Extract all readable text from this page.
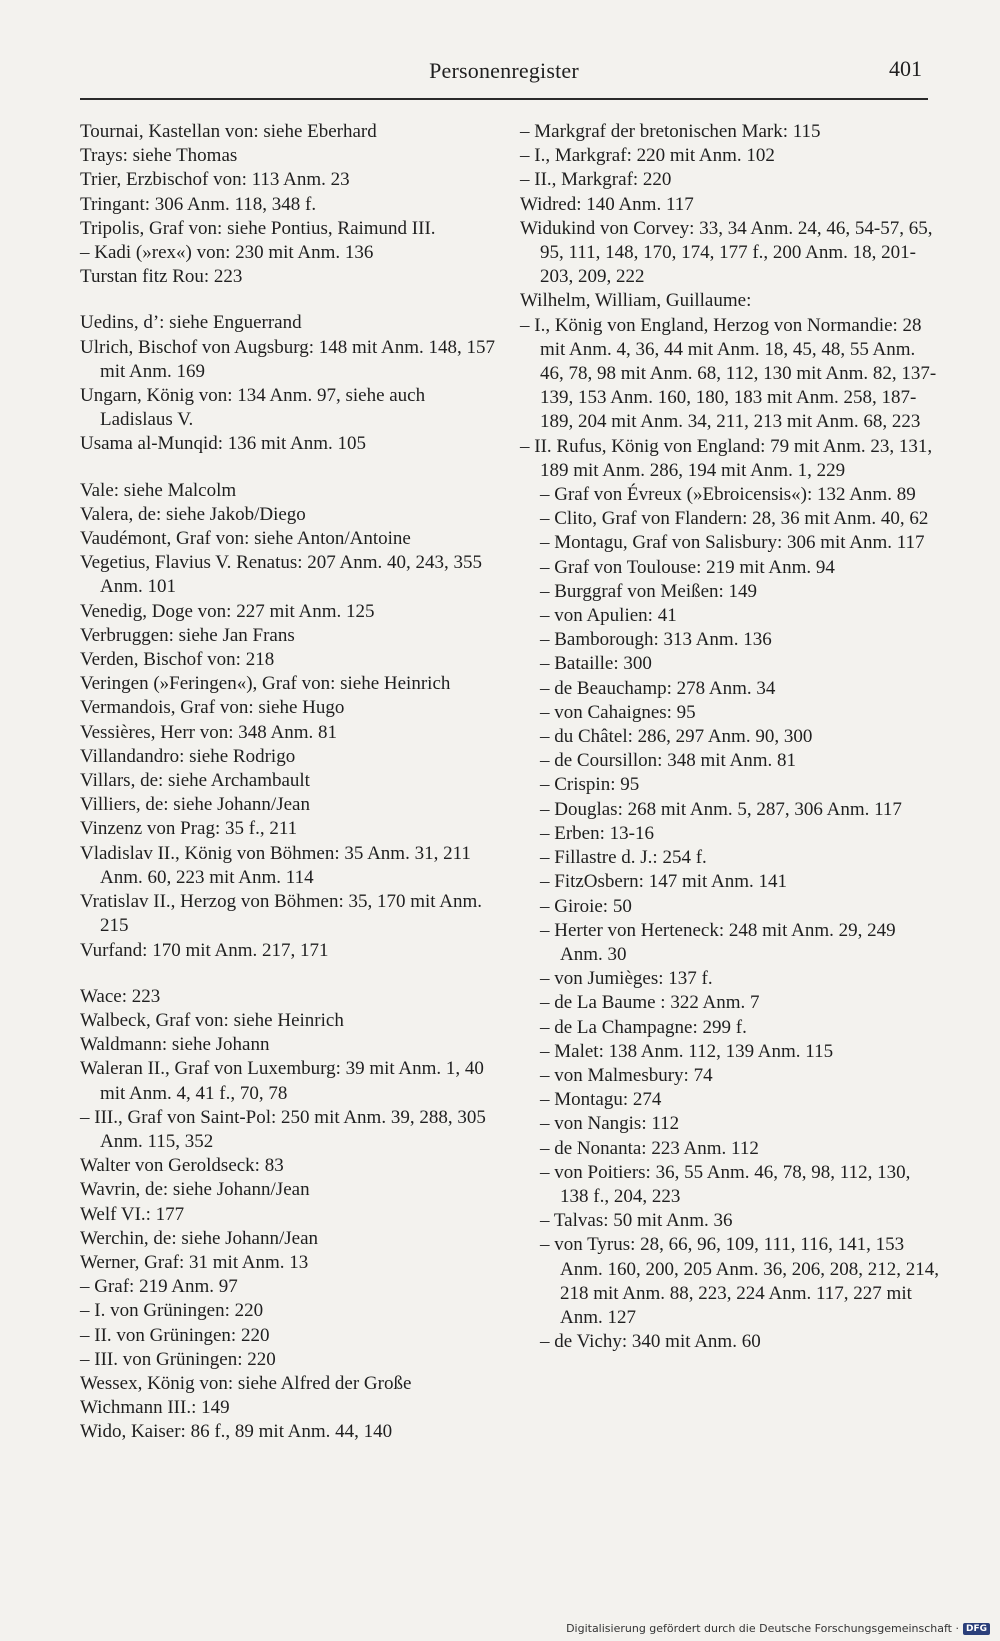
Personenregister	401
Tournai, Kastellan von: siehe Eberhard
Trays: siehe Thomas
Trier, Erzbischof von: 113 Anm. 23
Tringant: 306 Anm. 118, 348 f.
Tripolis, Graf von: siehe Pontius, Raimund III.
– Kadi (»rex«) von: 230 mit Anm. 136
Turstan fitz Rou: 223
Uedins, d’: siehe Enguerrand
Ulrich, Bischof von Augsburg: 148 mit Anm. 148, 157 mit Anm. 169
Ungarn, König von: 134 Anm. 97, siehe auch Ladislaus V.
Usama al-Munqid: 136 mit Anm. 105
Vale: siehe Malcolm
Valera, de: siehe Jakob/Diego
Vaudémont, Graf von: siehe Anton/Antoine
Vegetius, Flavius V. Renatus: 207 Anm. 40, 243, 355 Anm. 101
Venedig, Doge von: 227 mit Anm. 125
Verbruggen: siehe Jan Frans
Verden, Bischof von: 218
Veringen (»Feringen«), Graf von: siehe Heinrich
Vermandois, Graf von: siehe Hugo
Vessières, Herr von: 348 Anm. 81
Villandandro: siehe Rodrigo
Villars, de: siehe Archambault
Villiers, de: siehe Johann/Jean
Vinzenz von Prag: 35 f., 211
Vladislav II., König von Böhmen: 35 Anm. 31, 211 Anm. 60, 223 mit Anm. 114
Vratislav II., Herzog von Böhmen: 35, 170 mit Anm. 215
Vurfand: 170 mit Anm. 217, 171
Wace: 223
Walbeck, Graf von: siehe Heinrich
Waldmann: siehe Johann
Waleran II., Graf von Luxemburg: 39 mit Anm. 1, 40 mit Anm. 4, 41 f., 70, 78
– III., Graf von Saint-Pol: 250 mit Anm. 39, 288, 305 Anm. 115, 352
Walter von Geroldseck: 83
Wavrin, de: siehe Johann/Jean
Welf VI.: 177
Werchin, de: siehe Johann/Jean
Werner, Graf: 31 mit Anm. 13
– Graf: 219 Anm. 97
– I. von Grüningen: 220
– II. von Grüningen: 220
– III. von Grüningen: 220
Wessex, König von: siehe Alfred der Große
Wichmann III.: 149
Wido, Kaiser: 86 f., 89 mit Anm. 44, 140
– Markgraf der bretonischen Mark: 115
– I., Markgraf: 220 mit Anm. 102
– II., Markgraf: 220
Widred: 140 Anm. 117
Widukind von Corvey: 33, 34 Anm. 24, 46, 54-57, 65, 95, 111, 148, 170, 174, 177 f., 200 Anm. 18, 201-203, 209, 222
Wilhelm, William, Guillaume:
– I., König von England, Herzog von Normandie: 28 mit Anm. 4, 36, 44 mit Anm. 18, 45, 48, 55 Anm. 46, 78, 98 mit Anm. 68, 112, 130 mit Anm. 82, 137-139, 153 Anm. 160, 180, 183 mit Anm. 258, 187-189, 204 mit Anm. 34, 211, 213 mit Anm. 68, 223
– II. Rufus, König von England: 79 mit Anm. 23, 131, 189 mit Anm. 286, 194 mit Anm. 1, 229
– Graf von Évreux (»Ebroicensis«): 132 Anm. 89
– Clito, Graf von Flandern: 28, 36 mit Anm. 40, 62
– Montagu, Graf von Salisbury: 306 mit Anm. 117
– Graf von Toulouse: 219 mit Anm. 94
– Burggraf von Meißen: 149
– von Apulien: 41
– Bamborough: 313 Anm. 136
– Bataille: 300
– de Beauchamp: 278 Anm. 34
– von Cahaignes: 95
– du Châtel: 286, 297 Anm. 90, 300
– de Coursillon: 348 mit Anm. 81
– Crispin: 95
– Douglas: 268 mit Anm. 5, 287, 306 Anm. 117
– Erben: 13-16
– Fillastre d. J.: 254 f.
– FitzOsbern: 147 mit Anm. 141
– Giroie: 50
– Herter von Herteneck: 248 mit Anm. 29, 249 Anm. 30
– von Jumièges: 137 f.
– de La Baume : 322 Anm. 7
– de La Champagne: 299 f.
– Malet: 138 Anm. 112, 139 Anm. 115
– von Malmesbury: 74
– Montagu: 274
– von Nangis: 112
– de Nonanta: 223 Anm. 112
– von Poitiers: 36, 55 Anm. 46, 78, 98, 112, 130, 138 f., 204, 223
– Talvas: 50 mit Anm. 36
– von Tyrus: 28, 66, 96, 109, 111, 116, 141, 153 Anm. 160, 200, 205 Anm. 36, 206, 208, 212, 214, 218 mit Anm. 88, 223, 224 Anm. 117, 227 mit Anm. 127
– de Vichy: 340 mit Anm. 60
Digitalisierung gefördert durch die Deutsche Forschungsgemeinschaft · DFG
